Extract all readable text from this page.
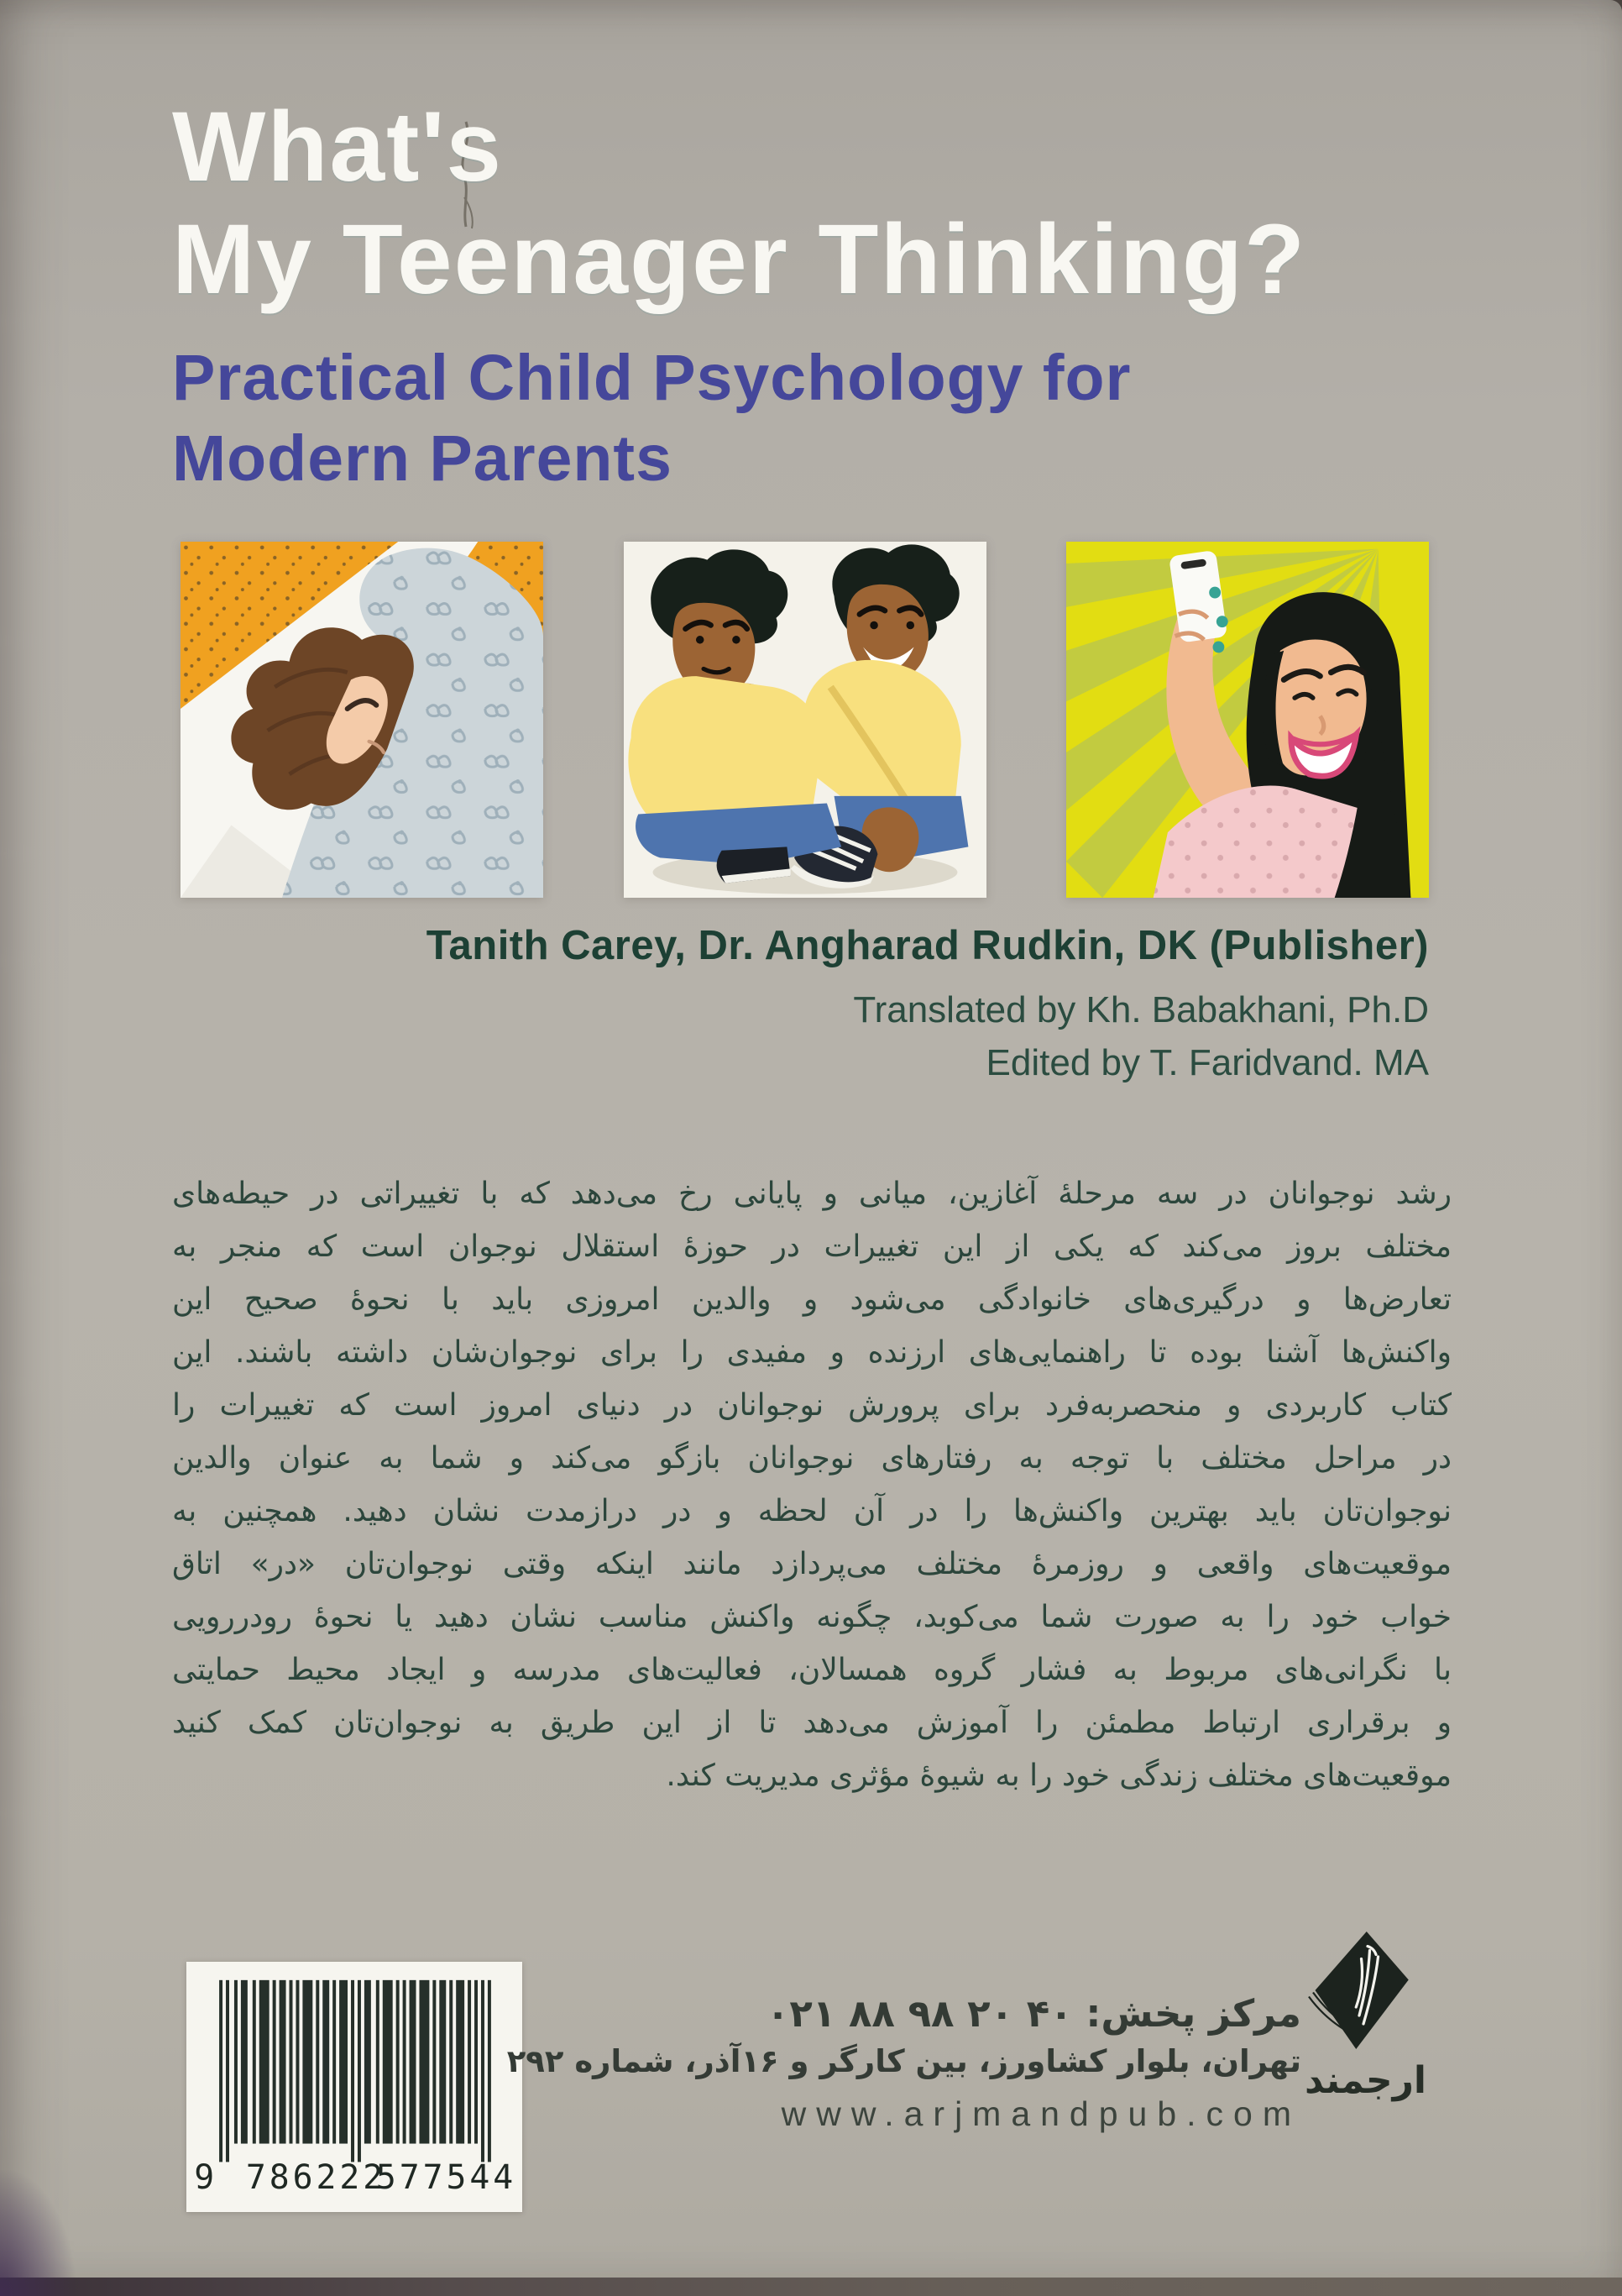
What's
My Teenager Thinking?
Practical Child Psychology for
Modern Parents
Tanith Carey, Dr. Angharad Rudkin, DK (Publisher)
Translated by Kh. Babakhani, Ph.D
Edited by T. Faridvand. MA
رشد نوجوانان در سه مرحلهٔ آغازین، میانی و پایانی رخ می‌دهد که با تغییراتی در حیطه‌های
مختلف بروز می‌کند که یکی از این تغییرات در حوزهٔ استقلال نوجوان است که منجر به
تعارض‌ها و درگیری‌های خانوادگی می‌شود و والدین امروزی باید با نحوهٔ صحیح این
واکنش‌ها آشنا بوده تا راهنمایی‌های ارزنده و مفیدی را برای نوجوان‌شان داشته باشند. این
کتاب کاربردی و منحصربه‌فرد برای پرورش نوجوانان در دنیای امروز است که تغییرات را
در مراحل مختلف با توجه به رفتارهای نوجوانان بازگو می‌کند و شما به عنوان والدین
نوجوان‌تان باید بهترین واکنش‌ها را در آن لحظه و در درازمدت نشان دهید. همچنین به
موقعیت‌های واقعی و روزمرهٔ مختلف می‌پردازد مانند اینکه وقتی نوجوان‌تان «در» اتاق
خواب خود را به صورت شما می‌کوبد، چگونه واکنش مناسب نشان دهید یا نحوهٔ رودررویی
با نگرانی‌های مربوط به فشار گروه همسالان، فعالیت‌های مدرسه و ایجاد محیط حمایتی
و برقراری ارتباط مطمئن را آموزش می‌دهد تا از این طریق به نوجوان‌تان کمک کنید
موقعیت‌های مختلف زندگی خود را به شیوهٔ مؤثری مدیریت کند.
9 786222
577544
مرکز پخش: ۰۲۱ ۸۸ ۹۸ ۲۰ ۴۰
تهران، بلوار کشاورز، بین کارگر و ۱۶آذر، شماره ۲۹۲
www.arjmandpub.com
ارجمند
